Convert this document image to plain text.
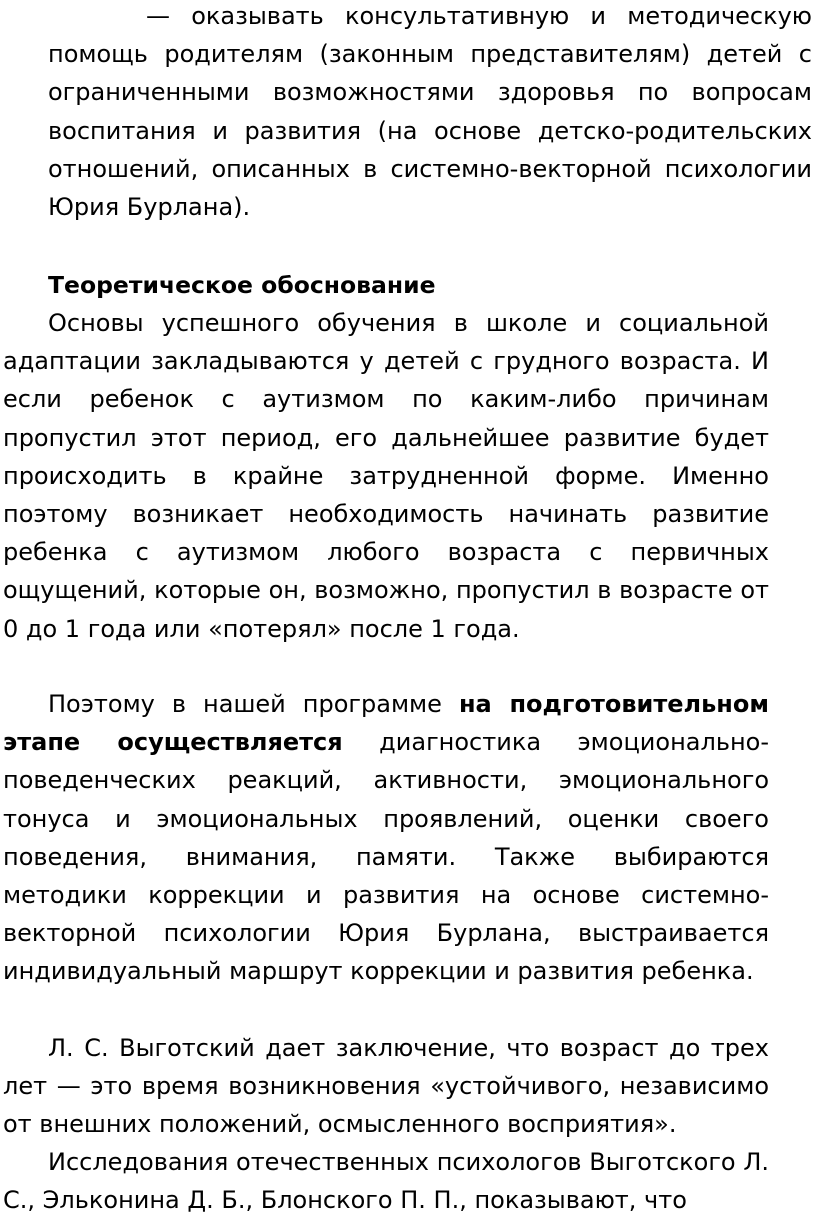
— оказывать консультативную и методическую помощь родителям (законным представителям) детей с ограниченными возможностями здоровья по вопросам воспитания и развития (на основе детско-родительских отношений, описанных в системно-векторной психологии Юрия Бурлана).

Теоретическое обоснование

Основы успешного обучения в школе и социальной адаптации закладываются у детей с грудного возраста. И если ребенок с аутизмом по каким-либо причинам пропустил этот период, его дальнейшее развитие будет происходить в крайне затрудненной форме. Именно поэтому возникает необходимость начинать развитие ребенка с аутизмом любого возраста с первичных ощущений, которые он, возможно, пропустил в возрасте от 0 до 1 года или «потерял» после 1 года.

Поэтому в нашей программе на подготовительном этапе осуществляется диагностика эмоционально-поведенческих реакций, активности, эмоционального тонуса и эмоциональных проявлений, оценки своего поведения, внимания, памяти. Также выбираются методики коррекции и развития на основе системно-векторной психологии Юрия Бурлана, выстраивается индивидуальный маршрут коррекции и развития ребенка.

Л. С. Выготский дает заключение, что возраст до трех лет — это время возникновения «устойчивого, независимо от внешних положений, осмысленного восприятия».

Исследования отечественных психологов Выготского Л. С., Эльконина Д. Б., Блонского П. П., показывают, что
